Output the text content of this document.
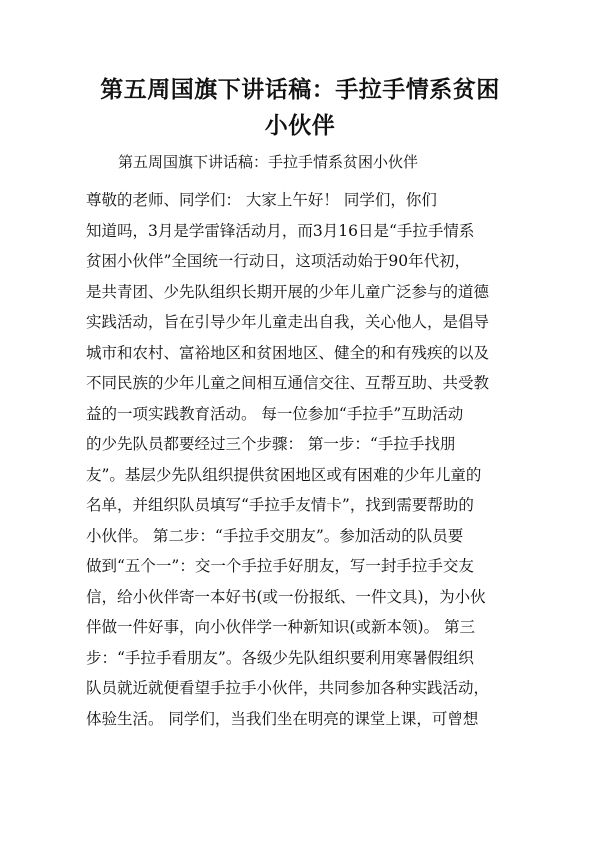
第五周国旗下讲话稿：手拉手情系贫困
小伙伴

第五周国旗下讲话稿：手拉手情系贫困小伙伴

尊敬的老师、同学们： 大家上午好！ 同学们，你们
知道吗，3月是学雷锋活动月，而3月16日是“手拉手情系
贫困小伙伴”全国统一行动日，这项活动始于90年代初，
是共青团、少先队组织长期开展的少年儿童广泛参与的道德
实践活动，旨在引导少年儿童走出自我，关心他人，是倡导
城市和农村、富裕地区和贫困地区、健全的和有残疾的以及
不同民族的少年儿童之间相互通信交往、互帮互助、共受教
益的一项实践教育活动。 每一位参加“手拉手”互助活动
的少先队员都要经过三个步骤： 第一步：“手拉手找朋
友”。基层少先队组织提供贫困地区或有困难的少年儿童的
名单，并组织队员填写“手拉手友情卡”，找到需要帮助的
小伙伴。 第二步：“手拉手交朋友”。参加活动的队员要
做到“五个一”：交一个手拉手好朋友，写一封手拉手交友
信，给小伙伴寄一本好书(或一份报纸、一件文具)，为小伙
伴做一件好事，向小伙伴学一种新知识(或新本领)。 第三
步：“手拉手看朋友”。各级少先队组织要利用寒暑假组织
队员就近就便看望手拉手小伙伴，共同参加各种实践活动，
体验生活。 同学们，当我们坐在明亮的课堂上课，可曾想
